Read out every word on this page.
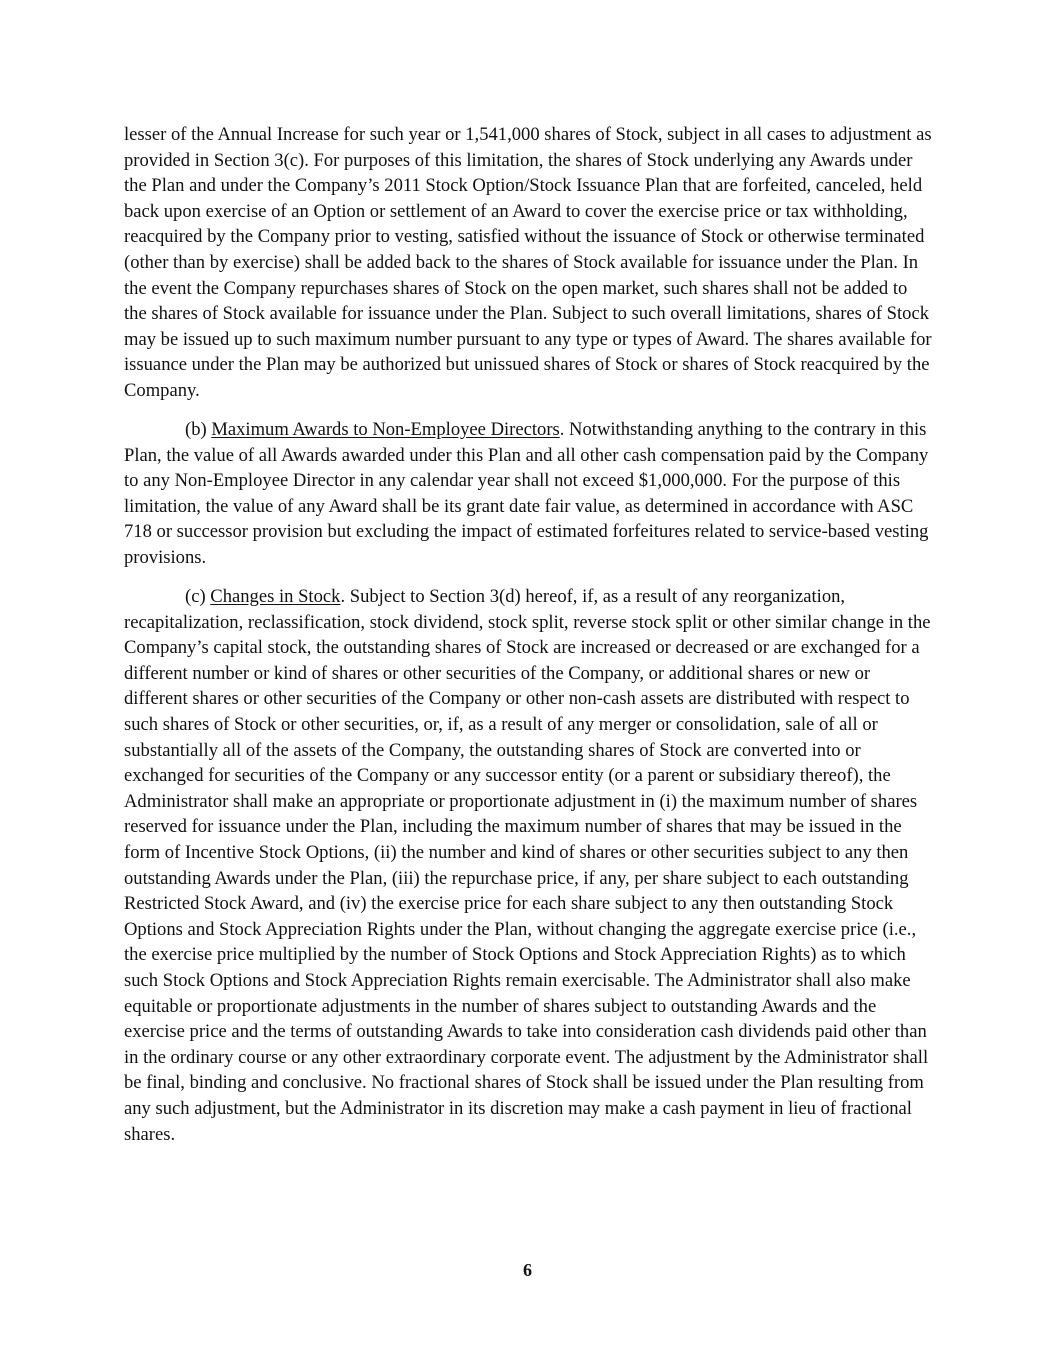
lesser of the Annual Increase for such year or 1,541,000 shares of Stock, subject in all cases to adjustment as provided in Section 3(c). For purposes of this limitation, the shares of Stock underlying any Awards under the Plan and under the Company’s 2011 Stock Option/Stock Issuance Plan that are forfeited, canceled, held back upon exercise of an Option or settlement of an Award to cover the exercise price or tax withholding, reacquired by the Company prior to vesting, satisfied without the issuance of Stock or otherwise terminated (other than by exercise) shall be added back to the shares of Stock available for issuance under the Plan. In the event the Company repurchases shares of Stock on the open market, such shares shall not be added to the shares of Stock available for issuance under the Plan. Subject to such overall limitations, shares of Stock may be issued up to such maximum number pursuant to any type or types of Award. The shares available for issuance under the Plan may be authorized but unissued shares of Stock or shares of Stock reacquired by the Company.

(b) Maximum Awards to Non-Employee Directors. Notwithstanding anything to the contrary in this Plan, the value of all Awards awarded under this Plan and all other cash compensation paid by the Company to any Non-Employee Director in any calendar year shall not exceed $1,000,000. For the purpose of this limitation, the value of any Award shall be its grant date fair value, as determined in accordance with ASC 718 or successor provision but excluding the impact of estimated forfeitures related to service-based vesting provisions.

(c) Changes in Stock. Subject to Section 3(d) hereof, if, as a result of any reorganization, recapitalization, reclassification, stock dividend, stock split, reverse stock split or other similar change in the Company’s capital stock, the outstanding shares of Stock are increased or decreased or are exchanged for a different number or kind of shares or other securities of the Company, or additional shares or new or different shares or other securities of the Company or other non-cash assets are distributed with respect to such shares of Stock or other securities, or, if, as a result of any merger or consolidation, sale of all or substantially all of the assets of the Company, the outstanding shares of Stock are converted into or exchanged for securities of the Company or any successor entity (or a parent or subsidiary thereof), the Administrator shall make an appropriate or proportionate adjustment in (i) the maximum number of shares reserved for issuance under the Plan, including the maximum number of shares that may be issued in the form of Incentive Stock Options, (ii) the number and kind of shares or other securities subject to any then outstanding Awards under the Plan, (iii) the repurchase price, if any, per share subject to each outstanding Restricted Stock Award, and (iv) the exercise price for each share subject to any then outstanding Stock Options and Stock Appreciation Rights under the Plan, without changing the aggregate exercise price (i.e., the exercise price multiplied by the number of Stock Options and Stock Appreciation Rights) as to which such Stock Options and Stock Appreciation Rights remain exercisable. The Administrator shall also make equitable or proportionate adjustments in the number of shares subject to outstanding Awards and the exercise price and the terms of outstanding Awards to take into consideration cash dividends paid other than in the ordinary course or any other extraordinary corporate event. The adjustment by the Administrator shall be final, binding and conclusive. No fractional shares of Stock shall be issued under the Plan resulting from any such adjustment, but the Administrator in its discretion may make a cash payment in lieu of fractional shares.

6
